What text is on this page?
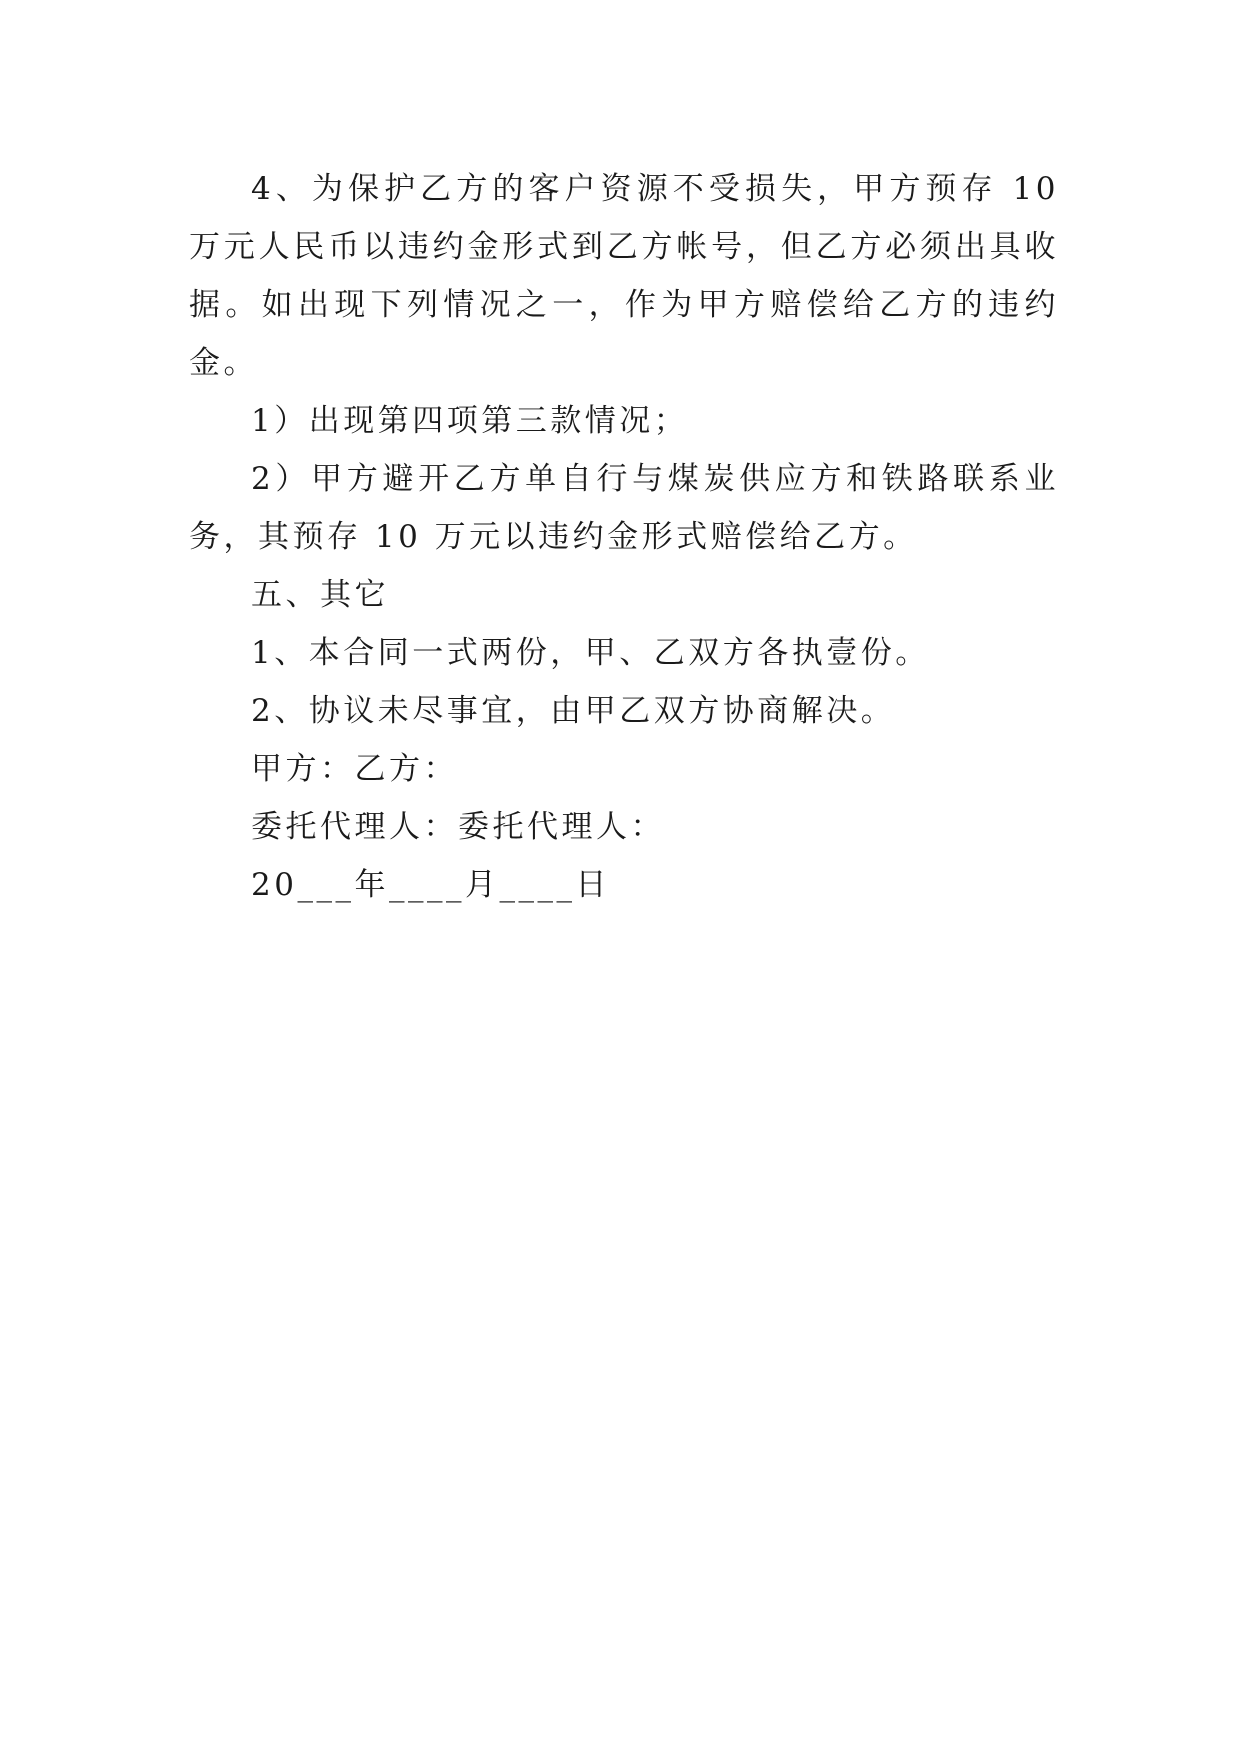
4、为保护乙方的客户资源不受损失，甲方预存 10 万元人民币以违约金形式到乙方帐号，但乙方必须出具收据。如出现下列情况之一，作为甲方赔偿给乙方的违约金。

1）出现第四项第三款情况；

2）甲方避开乙方单自行与煤炭供应方和铁路联系业务，其预存 10 万元以违约金形式赔偿给乙方。

五、其它

1、本合同一式两份，甲、乙双方各执壹份。

2、协议未尽事宜，由甲乙双方协商解决。

甲方：乙方：

委托代理人：委托代理人：

20___年____月____日
